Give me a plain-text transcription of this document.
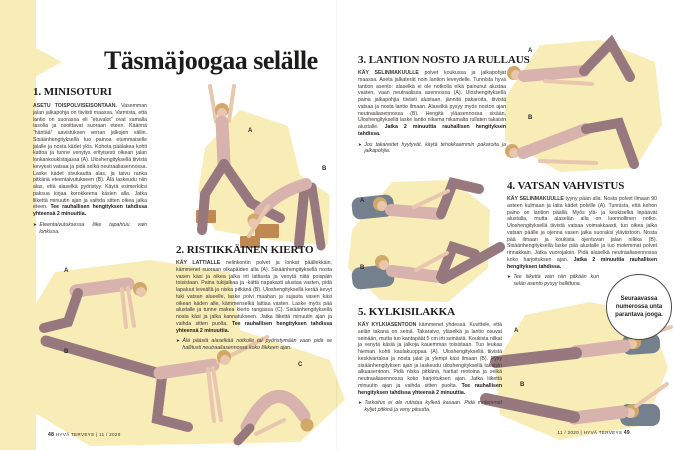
Täsmäjoogaa selälle
1. MINISOTURI
ASETU TOISPOLVISEISONTAAN. Vasemman jalan jalkapohja on tiiviisti maassa. Varmista, että lantio on suorassa eli ”etuvalot” ovat samalla tasolla ja osoittavat suoraan eteen. Käännä ”häntää” aavistuksen verran jalkojen väliin. Sisäänhengityksellä tuo painoa etummaiselle jalalle ja nosta kädet ylös. Kohota päälakea kohti kattoa ja tunne venytys erityisesti oikean jalan lonkankoukistajassa (A). Uloshengityksellä tiivistä kevyesti vatsaa ja pidä selkä neutraaliasennossa. Laske kädet sivukautta alas, ja taivu ranka pitkänä eteentaivutukseen (B). Älä laskeudu niin alas, että alaselkä pyöristyy. Käytä esimerkiksi paksua kirjaa korokkeena käsien alla. Jatka liikettä minuutin ajan ja vaihda sitten oikea jalka eteen. Tee rauhallisen hengityksen tahdissa yhteensä 2 minuuttia.
➤ Eteentaivutuksessa liike tapahtuu vain lonkissa.
2. RISTIKKÄINEN KIERTO
KÄY LATTIALLE nelinkontin polvet ja lonkat päällekkäin, kämmenet suoraan olkapäiden alla (A). Sisäänhengityksellä nosta vasen käsi ja oikea jalka irti lattiasta ja venytä niitä poispäin toisistaan. Paina tukijalkaa ja -kättä napakasti alustaa vasten, pidä lapaluut leveällä ja niska pitkänä (B). Uloshengityksellä kerää kevyt tuki vatsan alueelle, laske polvi maahan ja sujauta vasen käsi oikean käden alle, kämmenselkä lattiaa vasten. Laske myös pää alustalle ja tunne makea kierto rangassa (C). Sisäänhengityksellä nosta käsi ja jalka kannatukseen. Jatka liikettä minuutin ajan ja vaihda sitten puolta. Tee rauhallisen hengityksen tahdissa yhteensä 2 minuuttia.
➤ Älä päästä alaselkää notkolle tai pyöristymään vaan pidä se hallitusti neutraaliasennossa koko liikkeen ajan.
3. LANTION NOSTO JA RULLAUS
KÄY SELINMAKUULLE polvet koukussa ja jalkapohjat maassa. Aseta jalkaterät noin lantion leveydelle. Tunnista hyvä lantion asento: alaselkä ei ole notkolla eikä painunut alustaa vasten, vaan neutraalissa asennossa (A). Uloshengityksellä paina jalkapohjia tiiviisti alustaan, jännitä pakaroita, tiivistä vatsaa ja nosta lantio ilmaan. Alaselkä pysyy myös noston ajan neutraaliasennossa (B). Hengitä yläasennossa sisään. Uloshengityksellä laske lantio nikama nikamalta rullaten takaisin alustalle. Jatka 2 minuuttia rauhallisen hengityksen tahdissa.
➤ Jos takareidet hyytyvät, käytä tehokkaammin pakaroita ja jalkapohjia.
4. VATSAN VAHVISTUS
KÄY SELINMAKUULLE tyyny pään alla. Nosta polvet ilmaan 90 asteen kulmaan ja laita kädet polville (A). Tunnista, että kehon paino on lantion päällä. Myös ylä- ja keskiselkä lepäävät alustalla, mutta alaselän alla on luonnollinen notko. Uloshengityksellä tiivistä vatsaa voimakkaasti, tuo oikea jalka vatsan päälle ja ojenna vasen jalka suoraksi yläviistoon. Nosta pää ilmaan ja koukista ojentuvan jalan nilkka (B). Sisäänhengityksellä laske pää alustalle ja tuo molemmat polvet rinnakkain. Jatka vuorojaloin. Pidä alaselkä neutraaliasennossa koko harjoituksen ajan. Jatka 2 minuuttia rauhallisen hengityksen tahdissa.
➤ Tee liikettä vain niin pitkään kun selän asento pysyy hallittuna.
5. KYLKISILAKKA
KÄY KYLKIASENTOON kämmenet yhdessä. Kuvittele, että selän takana on seinä. Takaraivo, yläselkä ja lantio osuvat seinään, mutta tuo kantapäät 5 cm irti seinästä. Koukista nilkat ja venytä käsiä ja jalkoja kauemmas toisistaan. Tuo leukaa hieman kohti kaulakuoppaa (A). Uloshengityksellä tiivistä keskivartaloa ja nosta jalat ja ylempi käsi ilmaan (B). Pysy sisäänhengityksen ajan ja laskeudu uloshengityksellä takaisin alkuasentoon. Pidä niska pitkänä, hartiat rentoina ja selkä neutraaliasennossa koko harjoituksen ajan. Jatka liikettä minuutin ajan ja vaihda sitten puolta. Tee rauhallisen hengityksen tahdissa yhteensä 2 minuuttia.
➤ Tarkoitus ei ole rutistaa kylkeä kasaan. Pidä molemmat kyljet pitkinä ja veny pituutta.
Seuraavassa numerossa unta parantava jooga.
A
B
A
B
C
A
B
A
B
A
B
48 HYVÄ TERVEYS | 11 / 2020	11 / 2020 | HYVÄ TERVEYS 49
